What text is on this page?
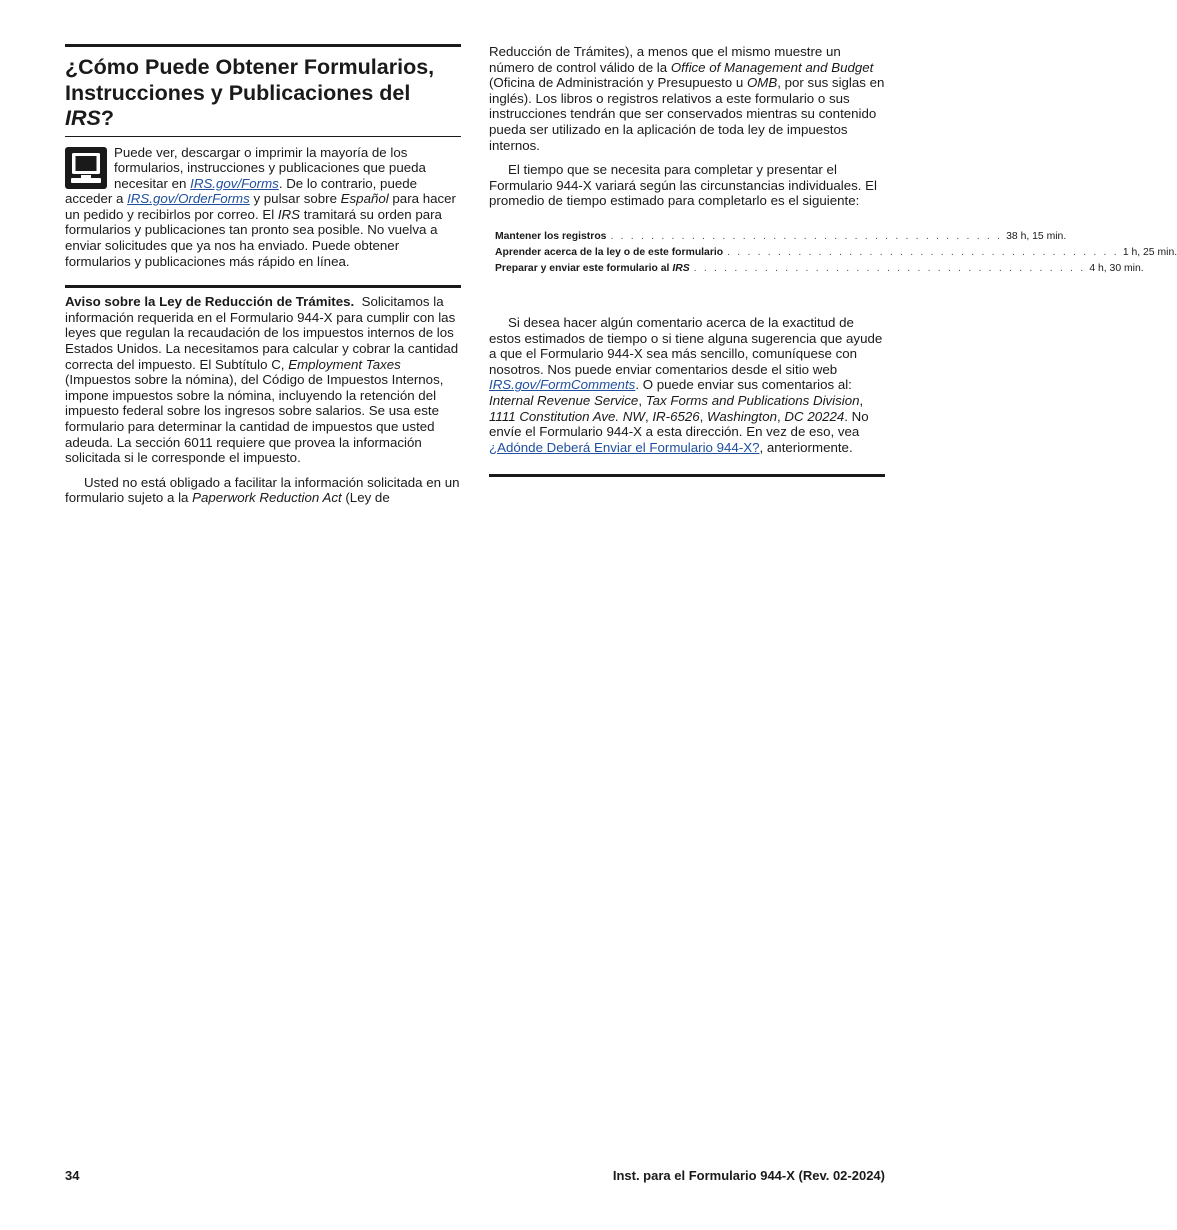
¿Cómo Puede Obtener Formularios,
Instrucciones y Publicaciones del
IRS?

Puede ver, descargar o imprimir la mayoría de los formularios, instrucciones y publicaciones que pueda necesitar en IRS.gov/Forms. De lo contrario, puede acceder a IRS.gov/OrderForms y pulsar sobre Español para hacer un pedido y recibirlos por correo. El IRS tramitará su orden para formularios y publicaciones tan pronto sea posible. No vuelva a enviar solicitudes que ya nos ha enviado. Puede obtener formularios y publicaciones más rápido en línea.

Aviso sobre la Ley de Reducción de Trámites. Solicitamos la información requerida en el Formulario 944-X para cumplir con las leyes que regulan la recaudación de los impuestos internos de los Estados Unidos. La necesitamos para calcular y cobrar la cantidad correcta del impuesto. El Subtítulo C, Employment Taxes (Impuestos sobre la nómina), del Código de Impuestos Internos, impone impuestos sobre la nómina, incluyendo la retención del impuesto federal sobre los ingresos sobre salarios. Se usa este formulario para determinar la cantidad de impuestos que usted adeuda. La sección 6011 requiere que provea la información solicitada si le corresponde el impuesto.

Usted no está obligado a facilitar la información solicitada en un formulario sujeto a la Paperwork Reduction Act (Ley de

Reducción de Trámites), a menos que el mismo muestre un número de control válido de la Office of Management and Budget (Oficina de Administración y Presupuesto u OMB, por sus siglas en inglés). Los libros o registros relativos a este formulario o sus instrucciones tendrán que ser conservados mientras su contenido pueda ser utilizado en la aplicación de toda ley de impuestos internos.

El tiempo que se necesita para completar y presentar el Formulario 944-X variará según las circunstancias individuales. El promedio de tiempo estimado para completarlo es el siguiente:

Mantener los registros . . . . . . . . . . . . . . . . . . . . . . . . . . . . . . . . . . . . . . . 38 h, 15 min.
Aprender acerca de la ley o de este formulario . . . . . . . . . . . . . . . . . . . . . . . . . . . . . . . . . . . . . . . 1 h, 25 min.
Preparar y enviar este formulario al IRS . . . . . . . . . . . . . . . . . . . . . . . . . . . . . . . . . . . . . . . 4 h, 30 min.

Si desea hacer algún comentario acerca de la exactitud de estos estimados de tiempo o si tiene alguna sugerencia que ayude a que el Formulario 944-X sea más sencillo, comuníquese con nosotros. Nos puede enviar comentarios desde el sitio web IRS.gov/FormComments. O puede enviar sus comentarios al: Internal Revenue Service, Tax Forms and Publications Division, 1111 Constitution Ave. NW, IR-6526, Washington, DC 20224. No envíe el Formulario 944-X a esta dirección. En vez de eso, vea ¿Adónde Deberá Enviar el Formulario 944-X?, anteriormente.

34	Inst. para el Formulario 944-X (Rev. 02-2024)
